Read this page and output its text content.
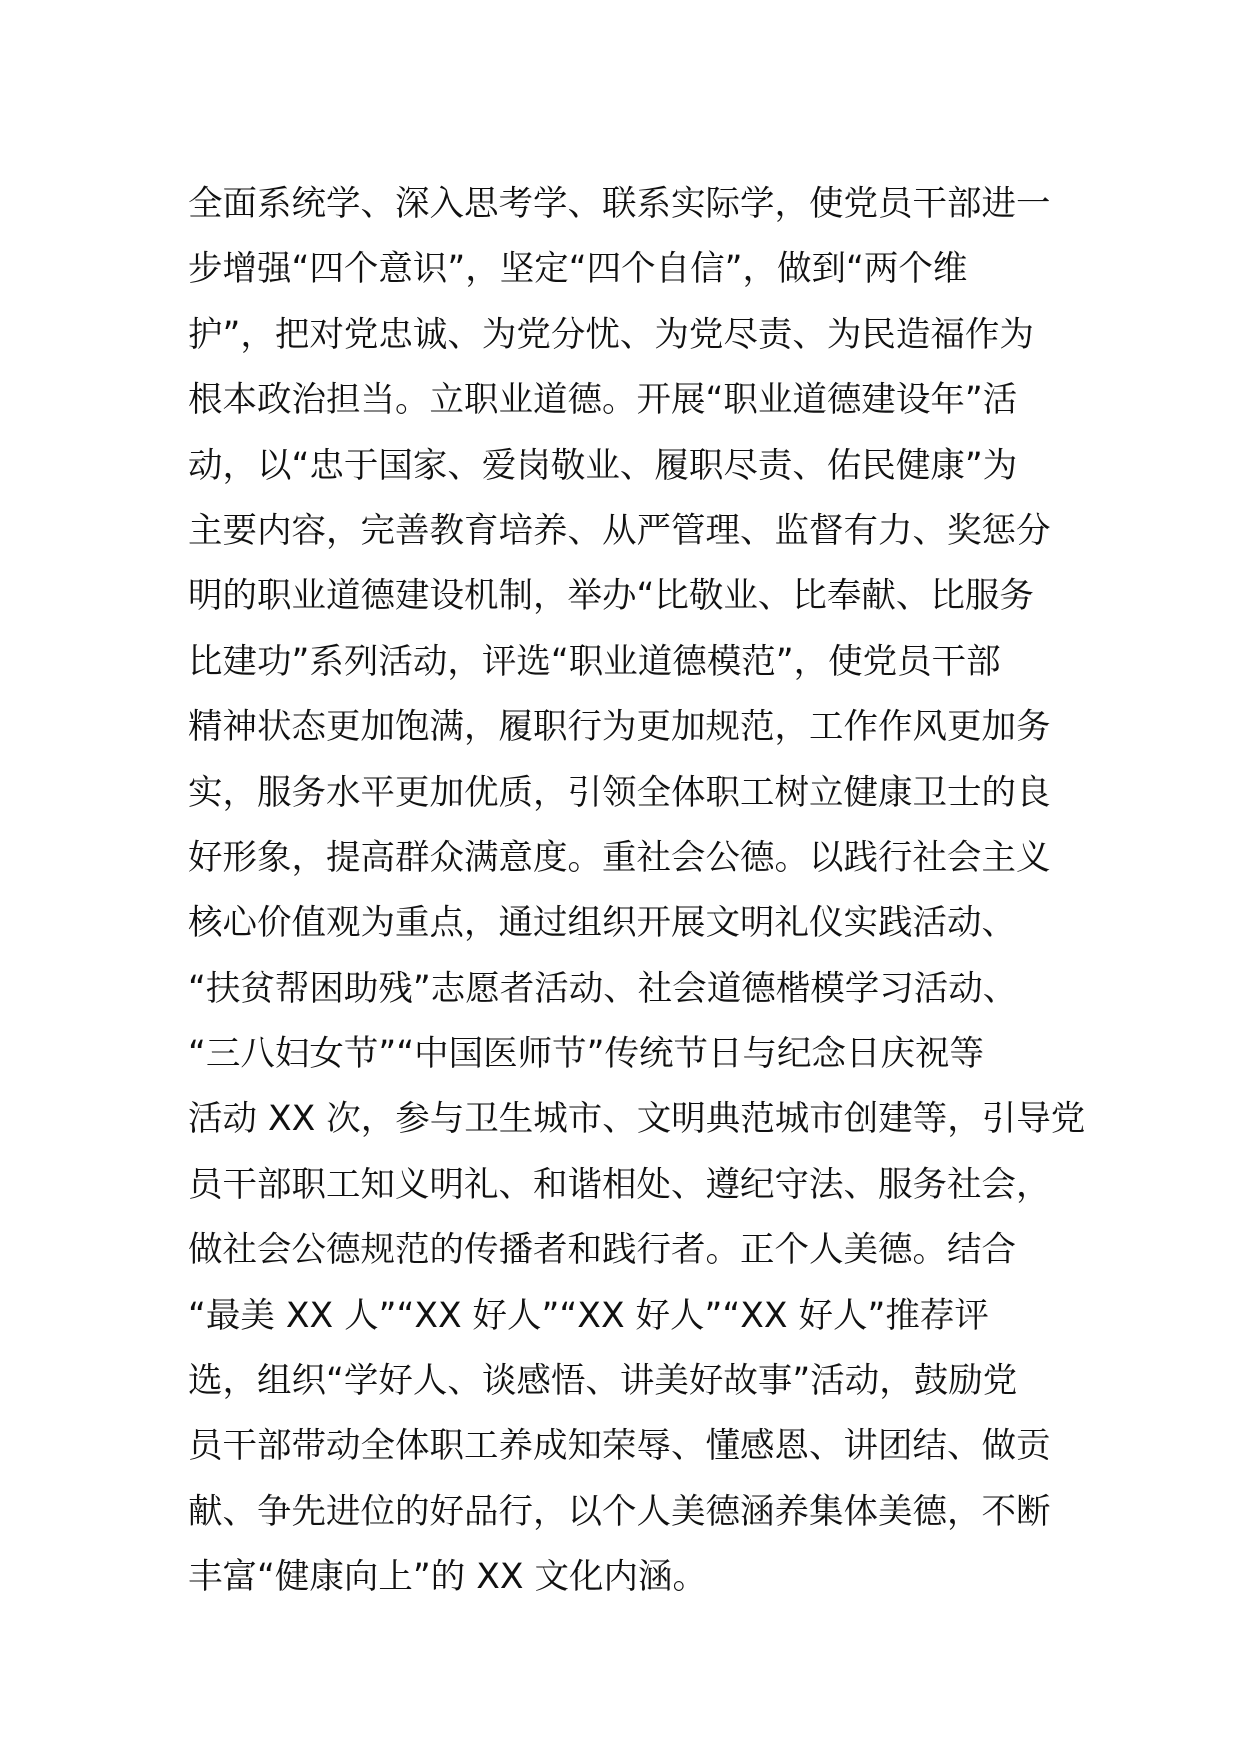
全面系统学、深入思考学、联系实际学，使党员干部进一
步增强“四个意识”，坚定“四个自信”，做到“两个维
护”，把对党忠诚、为党分忧、为党尽责、为民造福作为
根本政治担当。立职业道德。开展“职业道德建设年”活
动，以“忠于国家、爱岗敬业、履职尽责、佑民健康”为
主要内容，完善教育培养、从严管理、监督有力、奖惩分
明的职业道德建设机制，举办“比敬业、比奉献、比服务
比建功”系列活动，评选“职业道德模范”，使党员干部
精神状态更加饱满，履职行为更加规范，工作作风更加务
实，服务水平更加优质，引领全体职工树立健康卫士的良
好形象，提高群众满意度。重社会公德。以践行社会主义
核心价值观为重点，通过组织开展文明礼仪实践活动、
“扶贫帮困助残”志愿者活动、社会道德楷模学习活动、
“三八妇女节”“中国医师节”传统节日与纪念日庆祝等
活动 XX 次，参与卫生城市、文明典范城市创建等，引导党
员干部职工知义明礼、和谐相处、遵纪守法、服务社会，
做社会公德规范的传播者和践行者。正个人美德。结合
“最美 XX 人”“XX 好人”“XX 好人”“XX 好人”推荐评
选，组织“学好人、谈感悟、讲美好故事”活动，鼓励党
员干部带动全体职工养成知荣辱、懂感恩、讲团结、做贡
献、争先进位的好品行，以个人美德涵养集体美德，不断
丰富“健康向上”的 XX 文化内涵。
